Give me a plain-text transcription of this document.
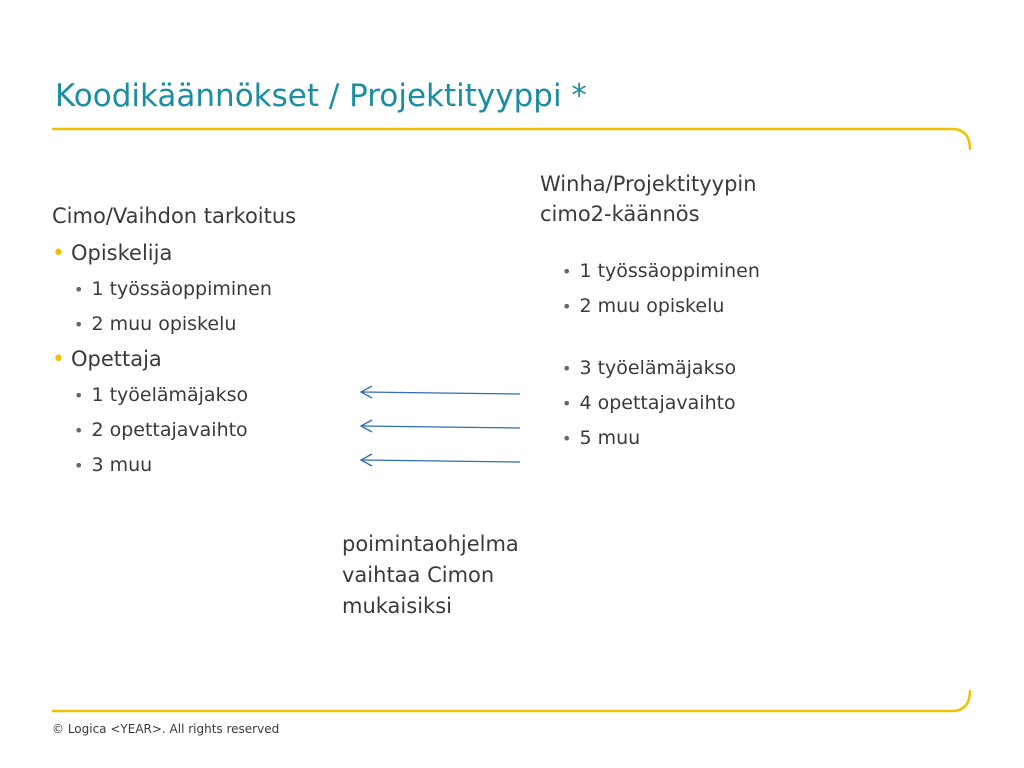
Koodikäännökset / Projektityyppi *
Cimo/Vaihdon tarkoitus
• Opiskelija
• 1 työssäoppiminen
• 2 muu opiskelu
• Opettaja
• 1 työelämäjakso
• 2 opettajavaihto
• 3 muu
Winha/Projektityypin
cimo2-käännös
• 1 työssäoppiminen
• 2 muu opiskelu
• 3 työelämäjakso
• 4 opettajavaihto
• 5 muu
poimintaohjelma
vaihtaa Cimon
mukaisiksi
© Logica <YEAR>. All rights reserved
